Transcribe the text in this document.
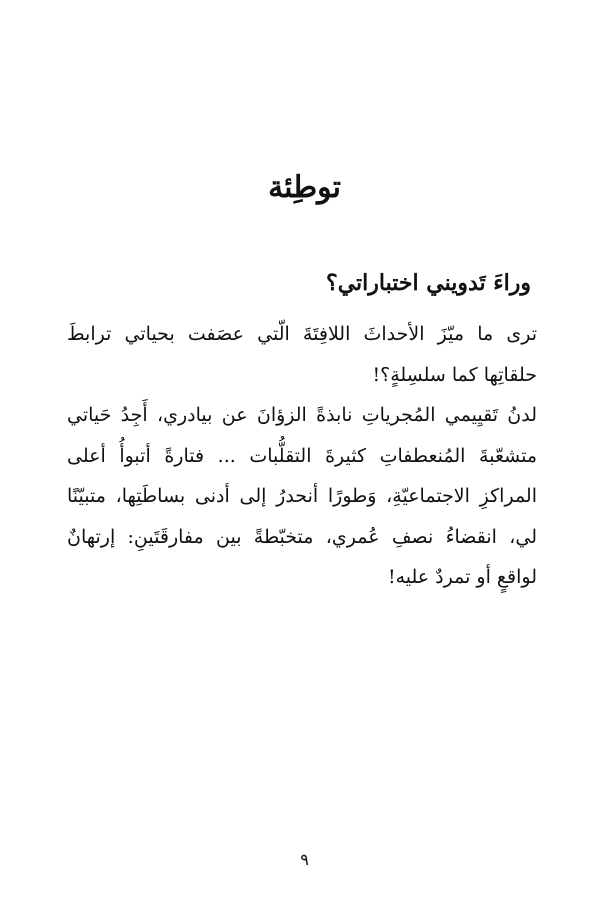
توطِئة
وراءَ تَدويني اختباراتي؟

ترى ما ميّزَ الأحداثَ اللافِتَةَ الّتي عصَفت بحياتي ترابطَ حلقاتِها كما سلسِلةٍ؟!

لدنُ تَقيِيمي المُجرياتِ نابذةً الزؤانَ عن بيادري، أَجِدُ حَياتي متشعّبةَ المُنعطفاتِ كثيرةَ التقلُّبات ... فتارةً أتبوأُ أعلى المراكزِ الاجتماعيّةِ، وَطورًا أنحدرُ إلى أدنى بساطَتِها، متبيّنًا لي، انقضاءُ نصفِ عُمري، متخبّطةً بين مفارقَتَينِ: إرتهانٌ لواقعٍ أو تمردٌ عليه!

٩
